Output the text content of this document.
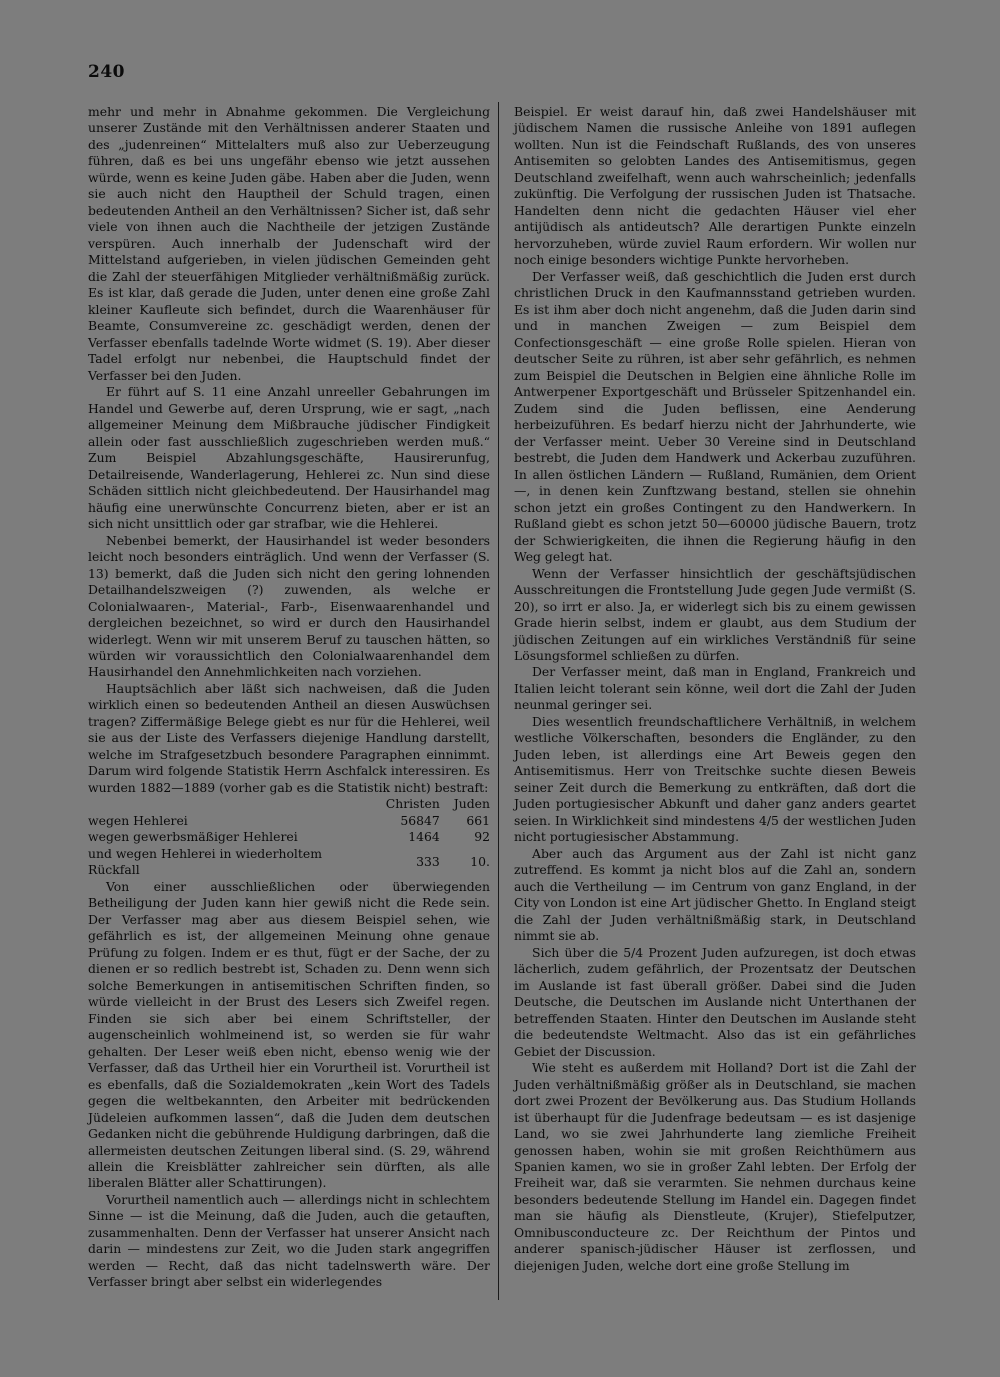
240

mehr und mehr in Abnahme gekommen. Die Vergleichung unserer Zustände mit den Verhältnissen anderer Staaten und des „judenreinen“ Mittelalters muß also zur Ueberzeugung führen, daß es bei uns ungefähr ebenso wie jetzt aussehen würde, wenn es keine Juden gäbe. Haben aber die Juden, wenn sie auch nicht den Hauptheil der Schuld tragen, einen bedeutenden Antheil an den Verhältnissen? Sicher ist, daß sehr viele von ihnen auch die Nachtheile der jetzigen Zustände verspüren. Auch innerhalb der Judenschaft wird der Mittelstand aufgerieben, in vielen jüdischen Gemeinden geht die Zahl der steuerfähigen Mitglieder verhältnißmäßig zurück. Es ist klar, daß gerade die Juden, unter denen eine große Zahl kleiner Kaufleute sich befindet, durch die Waarenhäuser für Beamte, Consumvereine zc. geschädigt werden, denen der Verfasser ebenfalls tadelnde Worte widmet (S. 19). Aber dieser Tadel erfolgt nur nebenbei, die Hauptschuld findet der Verfasser bei den Juden.

Er führt auf S. 11 eine Anzahl unreeller Gebahrungen im Handel und Gewerbe auf, deren Ursprung, wie er sagt, „nach allgemeiner Meinung dem Mißbrauche jüdischer Findigkeit allein oder fast ausschließlich zugeschrieben werden muß.“ Zum Beispiel Abzahlungsgeschäfte, Hausirerunfug, Detailreisende, Wanderlagerung, Hehlerei zc. Nun sind diese Schäden sittlich nicht gleichbedeutend. Der Hausirhandel mag häufig eine unerwünschte Concurrenz bieten, aber er ist an sich nicht unsittlich oder gar strafbar, wie die Hehlerei.

Nebenbei bemerkt, der Hausirhandel ist weder besonders leicht noch besonders einträglich. Und wenn der Verfasser (S. 13) bemerkt, daß die Juden sich nicht den gering lohnenden Detailhandelszweigen (?) zuwenden, als welche er Colonialwaaren-, Material-, Farb-, Eisenwaarenhandel und dergleichen bezeichnet, so wird er durch den Hausirhandel widerlegt. Wenn wir mit unserem Beruf zu tauschen hätten, so würden wir voraussichtlich den Colonialwaarenhandel dem Hausirhandel den Annehmlichkeiten nach vorziehen.

Hauptsächlich aber läßt sich nachweisen, daß die Juden wirklich einen so bedeutenden Antheil an diesen Auswüchsen tragen? Ziffermäßige Belege giebt es nur für die Hehlerei, weil sie aus der Liste des Verfassers diejenige Handlung darstellt, welche im Strafgesetzbuch besondere Paragraphen einnimmt. Darum wird folgende Statistik Herrn Aschfalck interessiren. Es wurden 1882—1889 (vorher gab es die Statistik nicht) bestraft:

	Christen	Juden
wegen Hehlerei	56847	661
wegen gewerbsmäßiger Hehlerei	1464	92
und wegen Hehlerei in wiederholtem Rückfall	333	10.

Von einer ausschließlichen oder überwiegenden Betheiligung der Juden kann hier gewiß nicht die Rede sein. Der Verfasser mag aber aus diesem Beispiel sehen, wie gefährlich es ist, der allgemeinen Meinung ohne genaue Prüfung zu folgen. Indem er es thut, fügt er der Sache, der zu dienen er so redlich bestrebt ist, Schaden zu. Denn wenn sich solche Bemerkungen in antisemitischen Schriften finden, so würde vielleicht in der Brust des Lesers sich Zweifel regen. Finden sie sich aber bei einem Schriftsteller, der augenscheinlich wohlmeinend ist, so werden sie für wahr gehalten. Der Leser weiß eben nicht, ebenso wenig wie der Verfasser, daß das Urtheil hier ein Vorurtheil ist. Vorurtheil ist es ebenfalls, daß die Sozialdemokraten „kein Wort des Tadels gegen die weltbekannten, den Arbeiter mit bedrückenden Jüdeleien aufkommen lassen“, daß die Juden dem deutschen Gedanken nicht die gebührende Huldigung darbringen, daß die allermeisten deutschen Zeitungen liberal sind. (S. 29, während allein die Kreisblätter zahlreicher sein dürften, als alle liberalen Blätter aller Schattirungen).

Vorurtheil namentlich auch — allerdings nicht in schlechtem Sinne — ist die Meinung, daß die Juden, auch die getauften, zusammenhalten. Denn der Verfasser hat unserer Ansicht nach darin — mindestens zur Zeit, wo die Juden stark angegriffen werden — Recht, daß das nicht tadelnswerth wäre. Der Verfasser bringt aber selbst ein widerlegendes

Beispiel. Er weist darauf hin, daß zwei Handelshäuser mit jüdischem Namen die russische Anleihe von 1891 auflegen wollten. Nun ist die Feindschaft Rußlands, des von unseres Antisemiten so gelobten Landes des Antisemitismus, gegen Deutschland zweifelhaft, wenn auch wahrscheinlich; jedenfalls zukünftig. Die Verfolgung der russischen Juden ist Thatsache. Handelten denn nicht die gedachten Häuser viel eher antijüdisch als antideutsch? Alle derartigen Punkte einzeln hervorzuheben, würde zuviel Raum erfordern. Wir wollen nur noch einige besonders wichtige Punkte hervorheben.

Der Verfasser weiß, daß geschichtlich die Juden erst durch christlichen Druck in den Kaufmannsstand getrieben wurden. Es ist ihm aber doch nicht angenehm, daß die Juden darin sind und in manchen Zweigen — zum Beispiel dem Confectionsgeschäft — eine große Rolle spielen. Hieran von deutscher Seite zu rühren, ist aber sehr gefährlich, es nehmen zum Beispiel die Deutschen in Belgien eine ähnliche Rolle im Antwerpener Exportgeschäft und Brüsseler Spitzenhandel ein. Zudem sind die Juden beflissen, eine Aenderung herbeizuführen. Es bedarf hierzu nicht der Jahrhunderte, wie der Verfasser meint. Ueber 30 Vereine sind in Deutschland bestrebt, die Juden dem Handwerk und Ackerbau zuzuführen. In allen östlichen Ländern — Rußland, Rumänien, dem Orient —, in denen kein Zunftzwang bestand, stellen sie ohnehin schon jetzt ein großes Contingent zu den Handwerkern. In Rußland giebt es schon jetzt 50—60000 jüdische Bauern, trotz der Schwierigkeiten, die ihnen die Regierung häufig in den Weg gelegt hat.

Wenn der Verfasser hinsichtlich der geschäftsjüdischen Ausschreitungen die Frontstellung Jude gegen Jude vermißt (S. 20), so irrt er also. Ja, er widerlegt sich bis zu einem gewissen Grade hierin selbst, indem er glaubt, aus dem Studium der jüdischen Zeitungen auf ein wirkliches Verständniß für seine Lösungsformel schließen zu dürfen.

Der Verfasser meint, daß man in England, Frankreich und Italien leicht tolerant sein könne, weil dort die Zahl der Juden neunmal geringer sei.

Dies wesentlich freundschaftlichere Verhältniß, in welchem westliche Völkerschaften, besonders die Engländer, zu den Juden leben, ist allerdings eine Art Beweis gegen den Antisemitismus. Herr von Treitschke suchte diesen Beweis seiner Zeit durch die Bemerkung zu entkräften, daß dort die Juden portugiesischer Abkunft und daher ganz anders geartet seien. In Wirklichkeit sind mindestens 4/5 der westlichen Juden nicht portugiesischer Abstammung.

Aber auch das Argument aus der Zahl ist nicht ganz zutreffend. Es kommt ja nicht blos auf die Zahl an, sondern auch die Vertheilung — im Centrum von ganz England, in der City von London ist eine Art jüdischer Ghetto. In England steigt die Zahl der Juden verhältnißmäßig stark, in Deutschland nimmt sie ab.

Sich über die 5/4 Prozent Juden aufzuregen, ist doch etwas lächerlich, zudem gefährlich, der Prozentsatz der Deutschen im Auslande ist fast überall größer. Dabei sind die Juden Deutsche, die Deutschen im Auslande nicht Unterthanen der betreffenden Staaten. Hinter den Deutschen im Auslande steht die bedeutendste Weltmacht. Also das ist ein gefährliches Gebiet der Discussion.

Wie steht es außerdem mit Holland? Dort ist die Zahl der Juden verhältnißmäßig größer als in Deutschland, sie machen dort zwei Prozent der Bevölkerung aus. Das Studium Hollands ist überhaupt für die Judenfrage bedeutsam — es ist dasjenige Land, wo sie zwei Jahrhunderte lang ziemliche Freiheit genossen haben, wohin sie mit großen Reichthümern aus Spanien kamen, wo sie in großer Zahl lebten. Der Erfolg der Freiheit war, daß sie verarmten. Sie nehmen durchaus keine besonders bedeutende Stellung im Handel ein. Dagegen findet man sie häufig als Dienstleute, (Krujer), Stiefelputzer, Omnibusconducteure zc. Der Reichthum der Pintos und anderer spanisch-jüdischer Häuser ist zerflossen, und diejenigen Juden, welche dort eine große Stellung im
